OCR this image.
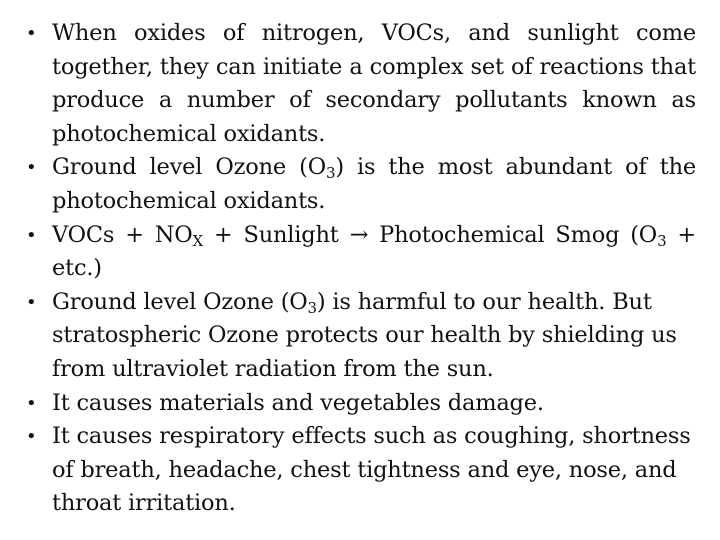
• When oxides of nitrogen, VOCs, and sunlight come together, they can initiate a complex set of reactions that produce a number of secondary pollutants known as photochemical oxidants.
• Ground level Ozone $(O_3)$ is the most abundant of the photochemical oxidants.
• VOCs + $NO_X$ + Sunlight → Photochemical Smog $(O_3 + etc.)$
• Ground level Ozone $(O_3)$ is harmful to our health. But stratospheric Ozone protects our health by shielding us from ultraviolet radiation from the sun.
• It causes materials and vegetables damage.
• It causes respiratory effects such as coughing, shortness of breath, headache, chest tightness and eye, nose, and throat irritation.
